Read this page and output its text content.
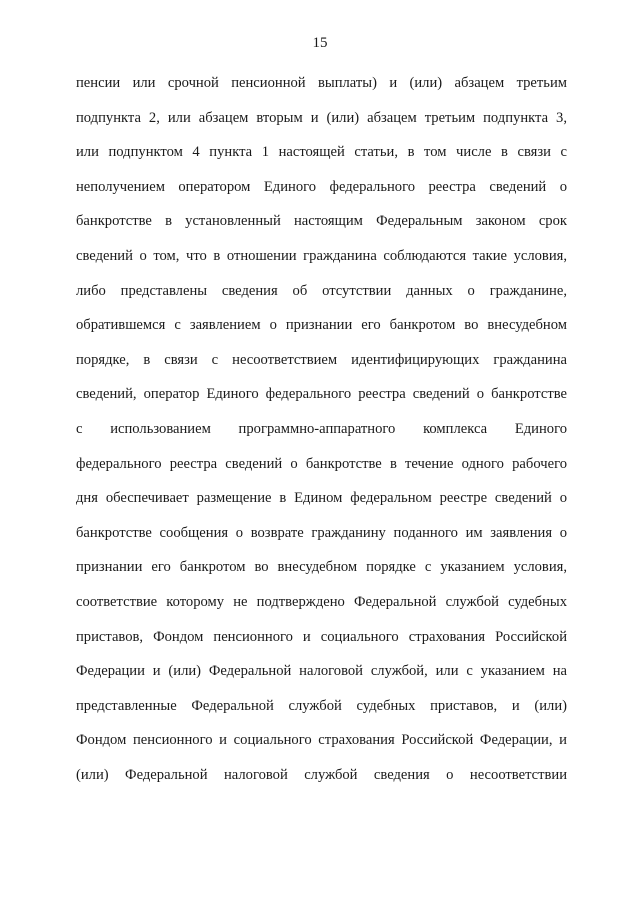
15
пенсии или срочной пенсионной выплаты) и (или) абзацем третьим
подпункта 2, или абзацем вторым и (или) абзацем третьим подпункта 3,
или подпунктом 4 пункта 1 настоящей статьи, в том числе в связи с
неполучением оператором Единого федерального реестра сведений о
банкротстве в установленный настоящим Федеральным законом срок
сведений о том, что в отношении гражданина соблюдаются такие условия,
либо представлены сведения об отсутствии данных о гражданине,
обратившемся с заявлением о признании его банкротом во внесудебном
порядке, в связи с несоответствием идентифицирующих гражданина
сведений, оператор Единого федерального реестра сведений о банкротстве
с использованием программно-аппаратного комплекса Единого
федерального реестра сведений о банкротстве в течение одного рабочего
дня обеспечивает размещение в Едином федеральном реестре сведений о
банкротстве сообщения о возврате гражданину поданного им заявления о
признании его банкротом во внесудебном порядке с указанием условия,
соответствие которому не подтверждено Федеральной службой судебных
приставов, Фондом пенсионного и социального страхования Российской
Федерации и (или) Федеральной налоговой службой, или с указанием на
представленные Федеральной службой судебных приставов, и (или)
Фондом пенсионного и социального страхования Российской Федерации, и
(или) Федеральной налоговой службой сведения о несоответствии
